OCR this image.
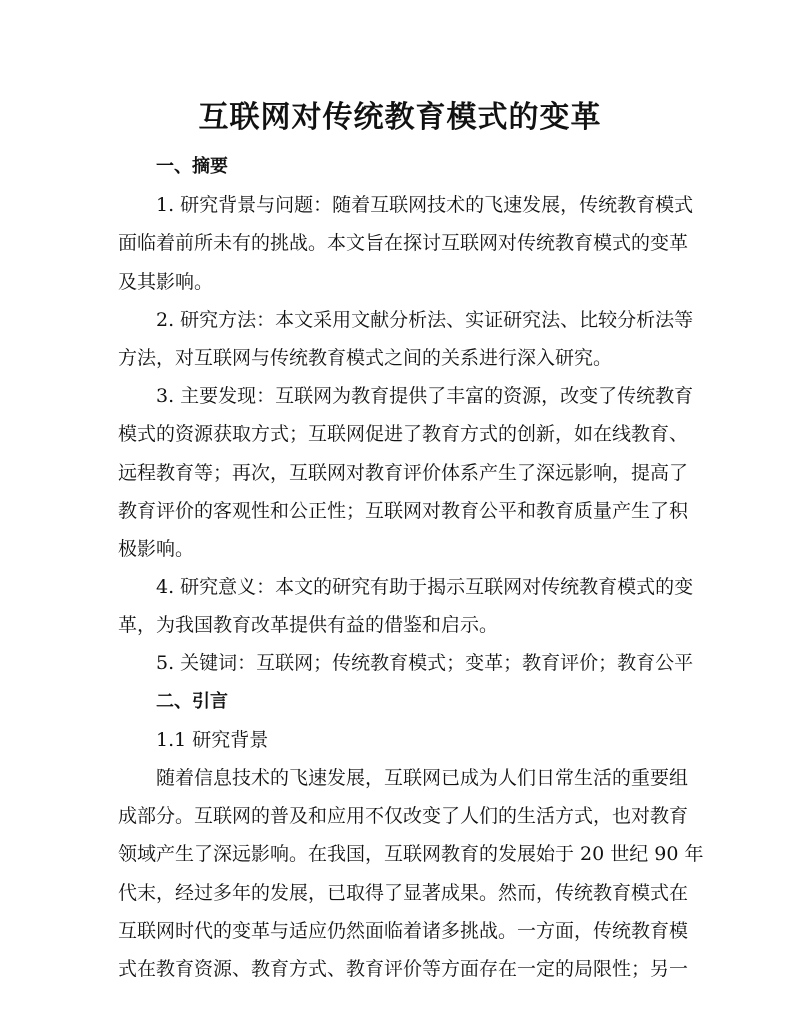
互联网对传统教育模式的变革
一、摘要
1. 研究背景与问题：随着互联网技术的飞速发展，传统教育模式
面临着前所未有的挑战。本文旨在探讨互联网对传统教育模式的变革
及其影响。
2. 研究方法：本文采用文献分析法、实证研究法、比较分析法等
方法，对互联网与传统教育模式之间的关系进行深入研究。
3. 主要发现：互联网为教育提供了丰富的资源，改变了传统教育
模式的资源获取方式；互联网促进了教育方式的创新，如在线教育、
远程教育等；再次，互联网对教育评价体系产生了深远影响，提高了
教育评价的客观性和公正性；互联网对教育公平和教育质量产生了积
极影响。
4. 研究意义：本文的研究有助于揭示互联网对传统教育模式的变
革，为我国教育改革提供有益的借鉴和启示。
5. 关键词：互联网；传统教育模式；变革；教育评价；教育公平
二、引言
1.1 研究背景
随着信息技术的飞速发展，互联网已成为人们日常生活的重要组
成部分。互联网的普及和应用不仅改变了人们的生活方式，也对教育
领域产生了深远影响。在我国，互联网教育的发展始于 20 世纪 90 年
代末，经过多年的发展，已取得了显著成果。然而，传统教育模式在
互联网时代的变革与适应仍然面临着诸多挑战。一方面，传统教育模
式在教育资源、教育方式、教育评价等方面存在一定的局限性；另一
